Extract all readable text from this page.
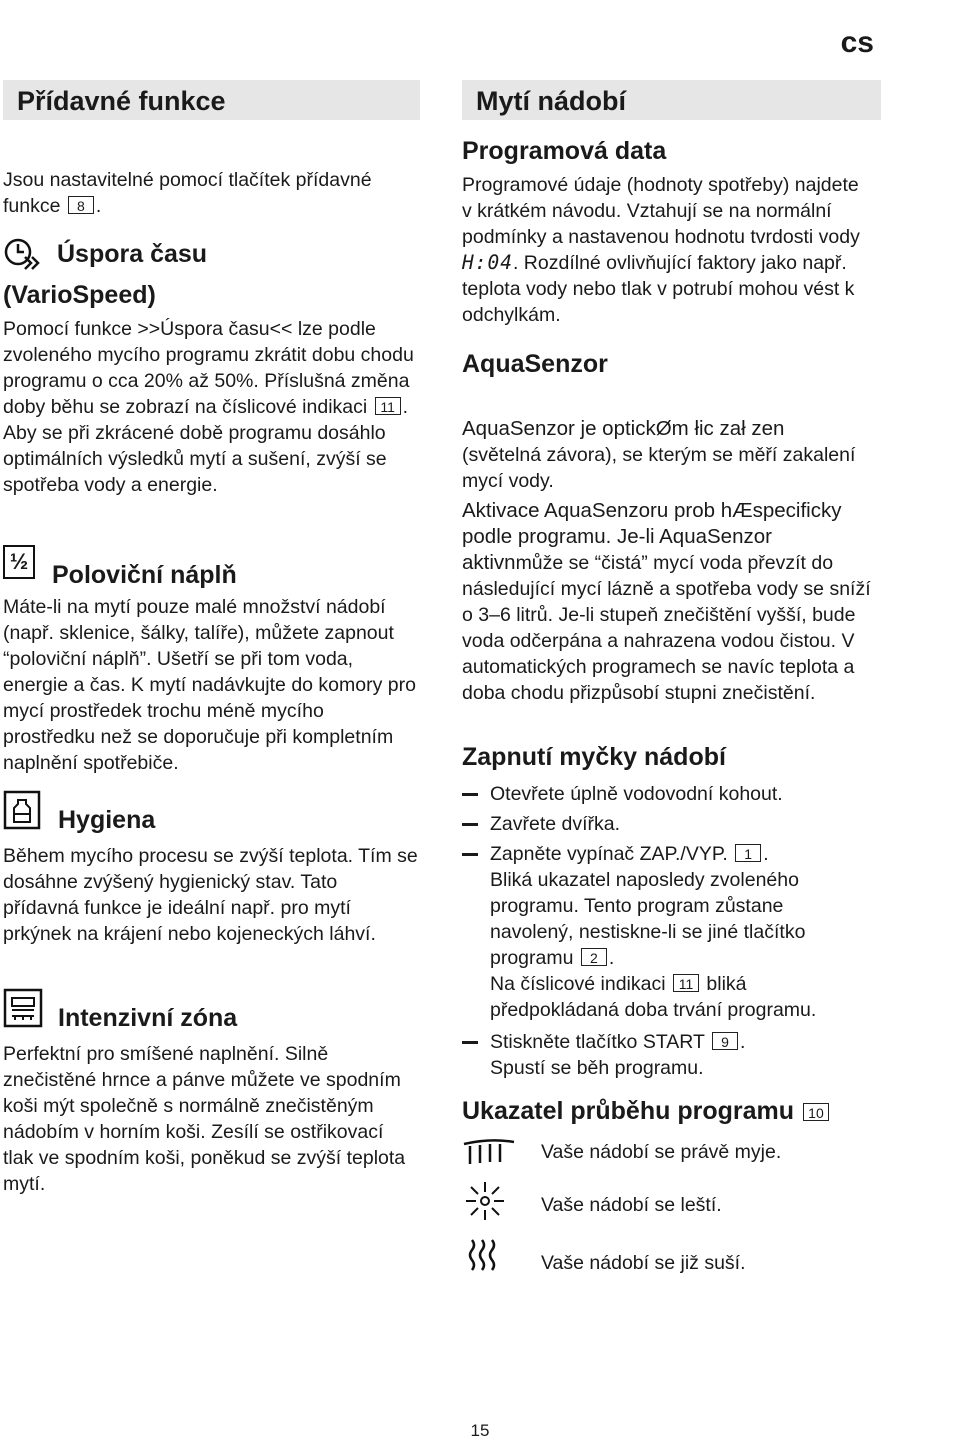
cs
Přídavné funkce
Jsou nastavitelné pomocí tlačítek přídavné funkce 8 .
Úspora času
(VarioSpeed)
Pomocí funkce >>Úspora času<< lze podle zvoleného mycího programu zkrátit dobu chodu programu o cca 20% až 50%. Příslušná změna doby běhu se zobrazí na číslicové indikaci 11 . Aby se při zkrácené době programu dosáhlo optimálních výsledků mytí a sušení, zvýší se spotřeba vody a energie.
½ Poloviční náplň
Máte-li na mytí pouze malé množství nádobí (např. sklenice, šálky, talíře), můžete zapnout “poloviční náplň”. Ušetří se při tom voda, energie a čas. K mytí nadávkujte do komory pro mycí prostředek trochu méně mycího prostředku než se doporučuje při kompletním naplnění spotřebiče.
Hygiena
Během mycího procesu se zvýší teplota. Tím se dosáhne zvýšený hygienický stav. Tato přídavná funkce je ideální např. pro mytí prkýnek na krájení nebo kojeneckých láhví.
Intenzivní zóna
Perfektní pro smíšené naplnění. Silně znečistěné hrnce a pánve můžete ve spodním koši mýt společně s normálně znečistěným nádobím v horním koši. Zesílí se ostřikovací tlak ve spodním koši, poněkud se zvýší teplota mytí.
Mytí nádobí
Programová data
Programové údaje (hodnoty spotřeby) najdete v krátkém návodu. Vztahují se na normální podmínky a nastavenou hodnotu tvrdosti vody H:04. Rozdílné ovlivňující faktory jako např. teplota vody nebo tlak v potrubí mohou vést k odchylkám.
AquaSenzor

AquaSenzor je optickØm łic zał zen

(světelná závora), se kterým se měří zakalení mycí vody.

Aktivace AquaSenzoru prob hÆspecificky podle programu. Je-li AquaSenzor aktivnmůže se “čistá” mycí voda převzít do následující mycí lázně a spotřeba vody se sníží o 3–6 litrů. Je-li stupeň znečištění vyšší, bude voda odčerpána a nahrazena vodou čistou. V automatických programech se navíc teplota a doba chodu přizpůsobí stupni znečistění.
Zapnutí myčky nádobí

Otevřete úplně vodovodní kohout.

Zavřete dvířka.

Zapněte vypínač ZAP./VYP. 1 .

Bliká ukazatel naposledy zvoleného programu. Tento program zůstane navolený, nestiskne-li se jiné tlačítko programu 2 .

Na číslicové indikaci 11 bliká předpokládaná doba trvání programu.

Stiskněte tlačítko START 9 .

Spustí se běh programu.

Ukazatel průběhu programu 10
Vaše nádobí se právě myje.
Vaše nádobí se leští.
Vaše nádobí se již suší.
15
